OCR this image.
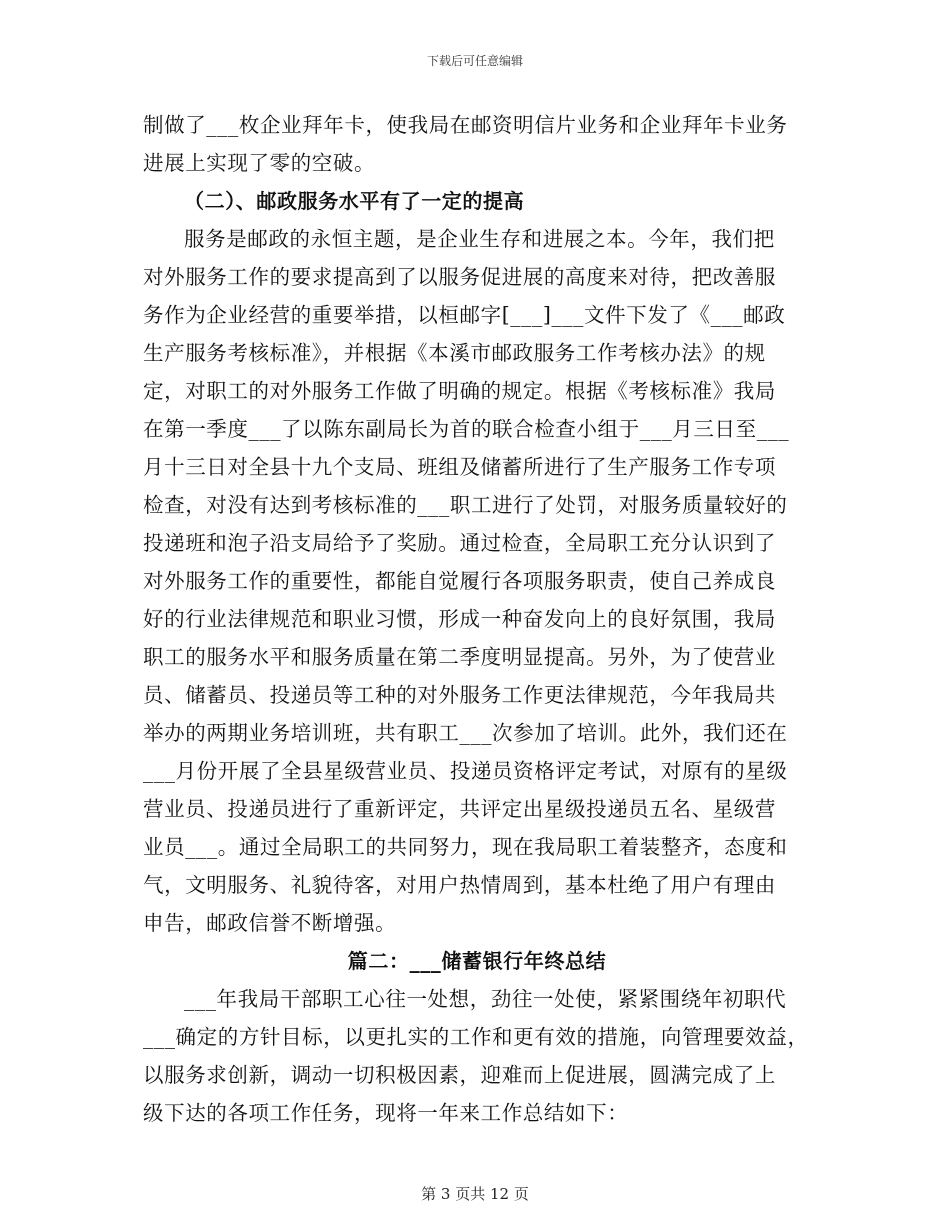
下载后可任意编辑
制做了___枚企业拜年卡，使我局在邮资明信片业务和企业拜年卡业务
进展上实现了零的空破。
（二）、邮政服务水平有了一定的提高
服务是邮政的永恒主题，是企业生存和进展之本。今年，我们把
对外服务工作的要求提高到了以服务促进展的高度来对待，把改善服
务作为企业经营的重要举措，以桓邮字[___]___文件下发了《___邮政
生产服务考核标准》，并根据《本溪市邮政服务工作考核办法》的规
定，对职工的对外服务工作做了明确的规定。根据《考核标准》我局
在第一季度___了以陈东副局长为首的联合检查小组于___月三日至___
月十三日对全县十九个支局、班组及储蓄所进行了生产服务工作专项
检查，对没有达到考核标准的___职工进行了处罚，对服务质量较好的
投递班和泡子沿支局给予了奖励。通过检查，全局职工充分认识到了
对外服务工作的重要性，都能自觉履行各项服务职责，使自己养成良
好的行业法律规范和职业习惯，形成一种奋发向上的良好氛围，我局
职工的服务水平和服务质量在第二季度明显提高。另外，为了使营业
员、储蓄员、投递员等工种的对外服务工作更法律规范，今年我局共
举办的两期业务培训班，共有职工___次参加了培训。此外，我们还在
___月份开展了全县星级营业员、投递员资格评定考试，对原有的星级
营业员、投递员进行了重新评定，共评定出星级投递员五名、星级营
业员___。通过全局职工的共同努力，现在我局职工着装整齐，态度和
气，文明服务、礼貌待客，对用户热情周到，基本杜绝了用户有理由
申告，邮政信誉不断增强。
篇二：___储蓄银行年终总结
___年我局干部职工心往一处想，劲往一处使，紧紧围绕年初职代
___确定的方针目标，以更扎实的工作和更有效的措施，向管理要效益，
以服务求创新，调动一切积极因素，迎难而上促进展，圆满完成了上
级下达的各项工作任务，现将一年来工作总结如下：
第 3 页共 12 页
